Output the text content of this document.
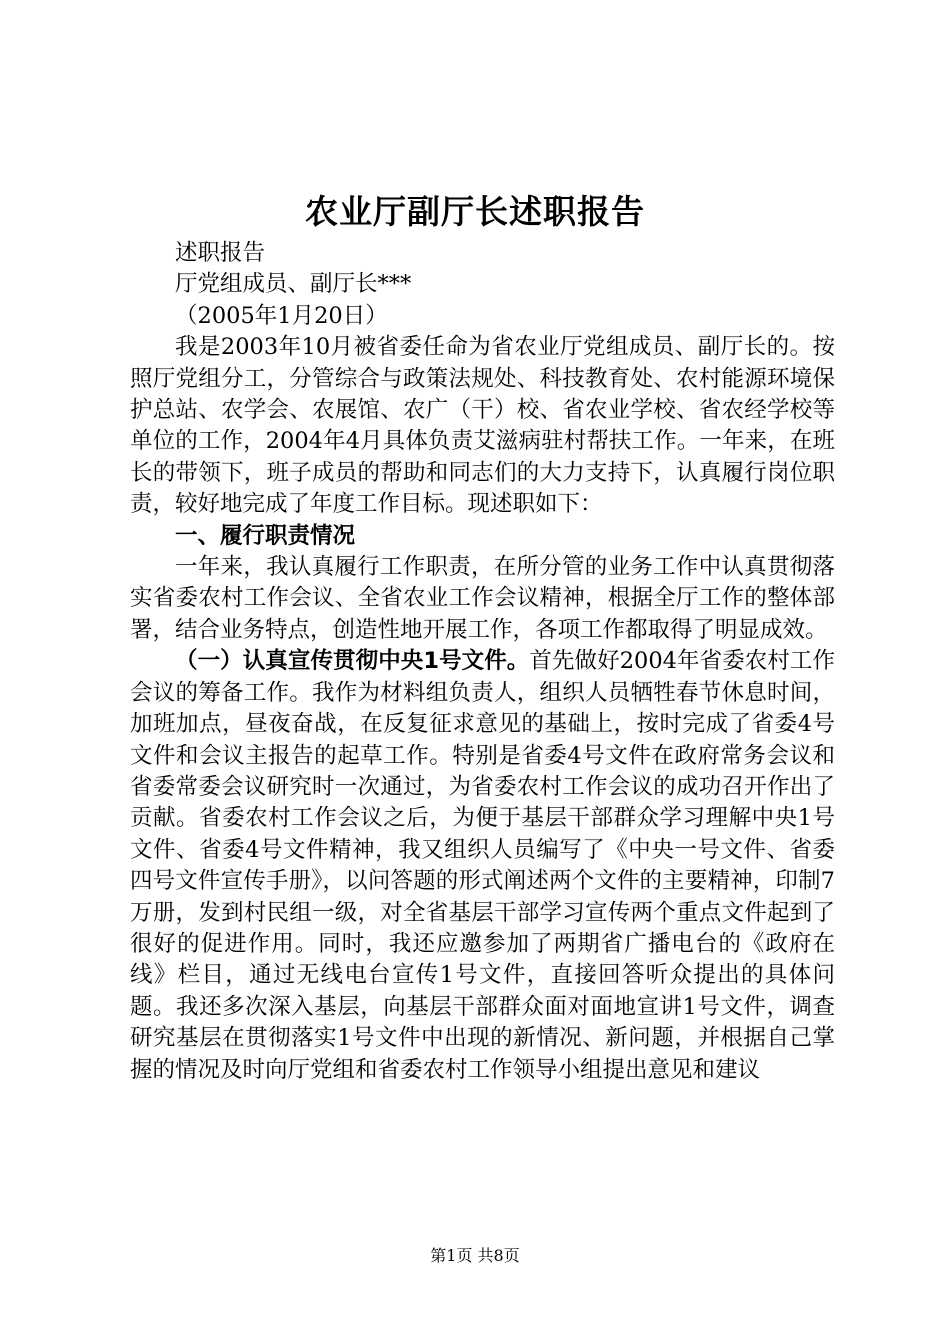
农业厅副厅长述职报告

述职报告

厅党组成员、副厅长***

（2005年1月20日）

我是2003年10月被省委任命为省农业厅党组成员、副厅长的。按照厅党组分工，分管综合与政策法规处、科技教育处、农村能源环境保护总站、农学会、农展馆、农广（干）校、省农业学校、省农经学校等单位的工作，2004年4月具体负责艾滋病驻村帮扶工作。一年来，在班长的带领下，班子成员的帮助和同志们的大力支持下，认真履行岗位职责，较好地完成了年度工作目标。现述职如下：

一、履行职责情况

一年来，我认真履行工作职责，在所分管的业务工作中认真贯彻落实省委农村工作会议、全省农业工作会议精神，根据全厅工作的整体部署，结合业务特点，创造性地开展工作，各项工作都取得了明显成效。

（一）认真宣传贯彻中央1号文件。首先做好2004年省委农村工作会议的筹备工作。我作为材料组负责人，组织人员牺牲春节休息时间，加班加点，昼夜奋战，在反复征求意见的基础上，按时完成了省委4号文件和会议主报告的起草工作。特别是省委4号文件在政府常务会议和省委常委会议研究时一次通过，为省委农村工作会议的成功召开作出了贡献。省委农村工作会议之后，为便于基层干部群众学习理解中央1号文件、省委4号文件精神，我又组织人员编写了《中央一号文件、省委四号文件宣传手册》，以问答题的形式阐述两个文件的主要精神，印制7万册，发到村民组一级，对全省基层干部学习宣传两个重点文件起到了很好的促进作用。同时，我还应邀参加了两期省广播电台的《政府在线》栏目，通过无线电台宣传1号文件，直接回答听众提出的具体问题。我还多次深入基层，向基层干部群众面对面地宣讲1号文件，调查研究基层在贯彻落实1号文件中出现的新情况、新问题，并根据自己掌握的情况及时向厅党组和省委农村工作领导小组提出意见和建议

第1页 共8页
